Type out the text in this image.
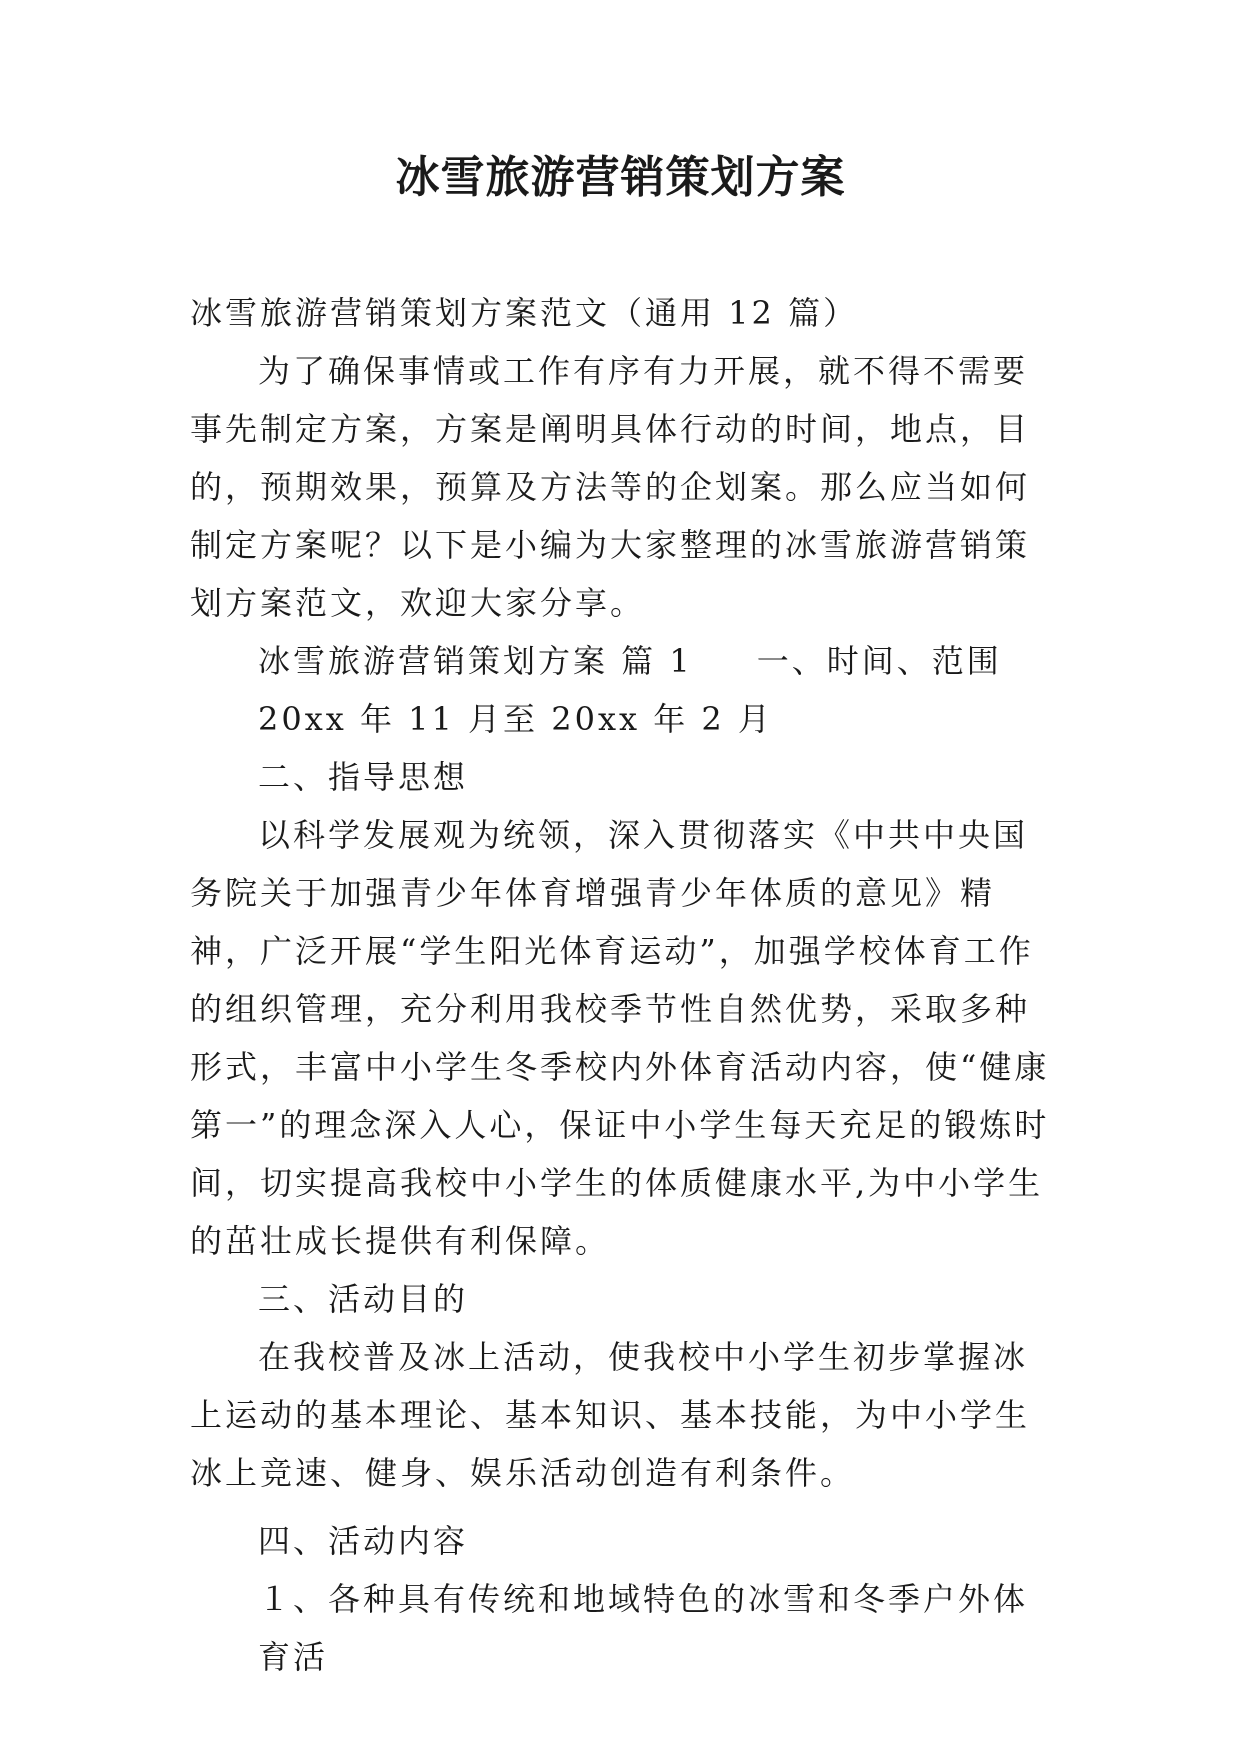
冰雪旅游营销策划方案

冰雪旅游营销策划方案范文（通用 12 篇）

为了确保事情或工作有序有力开展，就不得不需要事先制定方案，方案是阐明具体行动的时间，地点，目的，预期效果，预算及方法等的企划案。那么应当如何制定方案呢？以下是小编为大家整理的冰雪旅游营销策划方案范文，欢迎大家分享。

冰雪旅游营销策划方案 篇 1 一、时间、范围

20xx 年 11 月至 20xx 年 2 月

二、指导思想

以科学发展观为统领，深入贯彻落实《中共中央国务院关于加强青少年体育增强青少年体质的意见》精神，广泛开展“学生阳光体育运动”，加强学校体育工作的组织管理，充分利用我校季节性自然优势，采取多种形式，丰富中小学生冬季校内外体育活动内容，使“健康第一”的理念深入人心，保证中小学生每天充足的锻炼时间，切实提高我校中小学生的体质健康水平,为中小学生的茁壮成长提供有利保障。

三、活动目的

在我校普及冰上活动，使我校中小学生初步掌握冰上运动的基本理论、基本知识、基本技能，为中小学生冰上竞速、健身、娱乐活动创造有利条件。

四、活动内容

１、各种具有传统和地域特色的冰雪和冬季户外体育活
